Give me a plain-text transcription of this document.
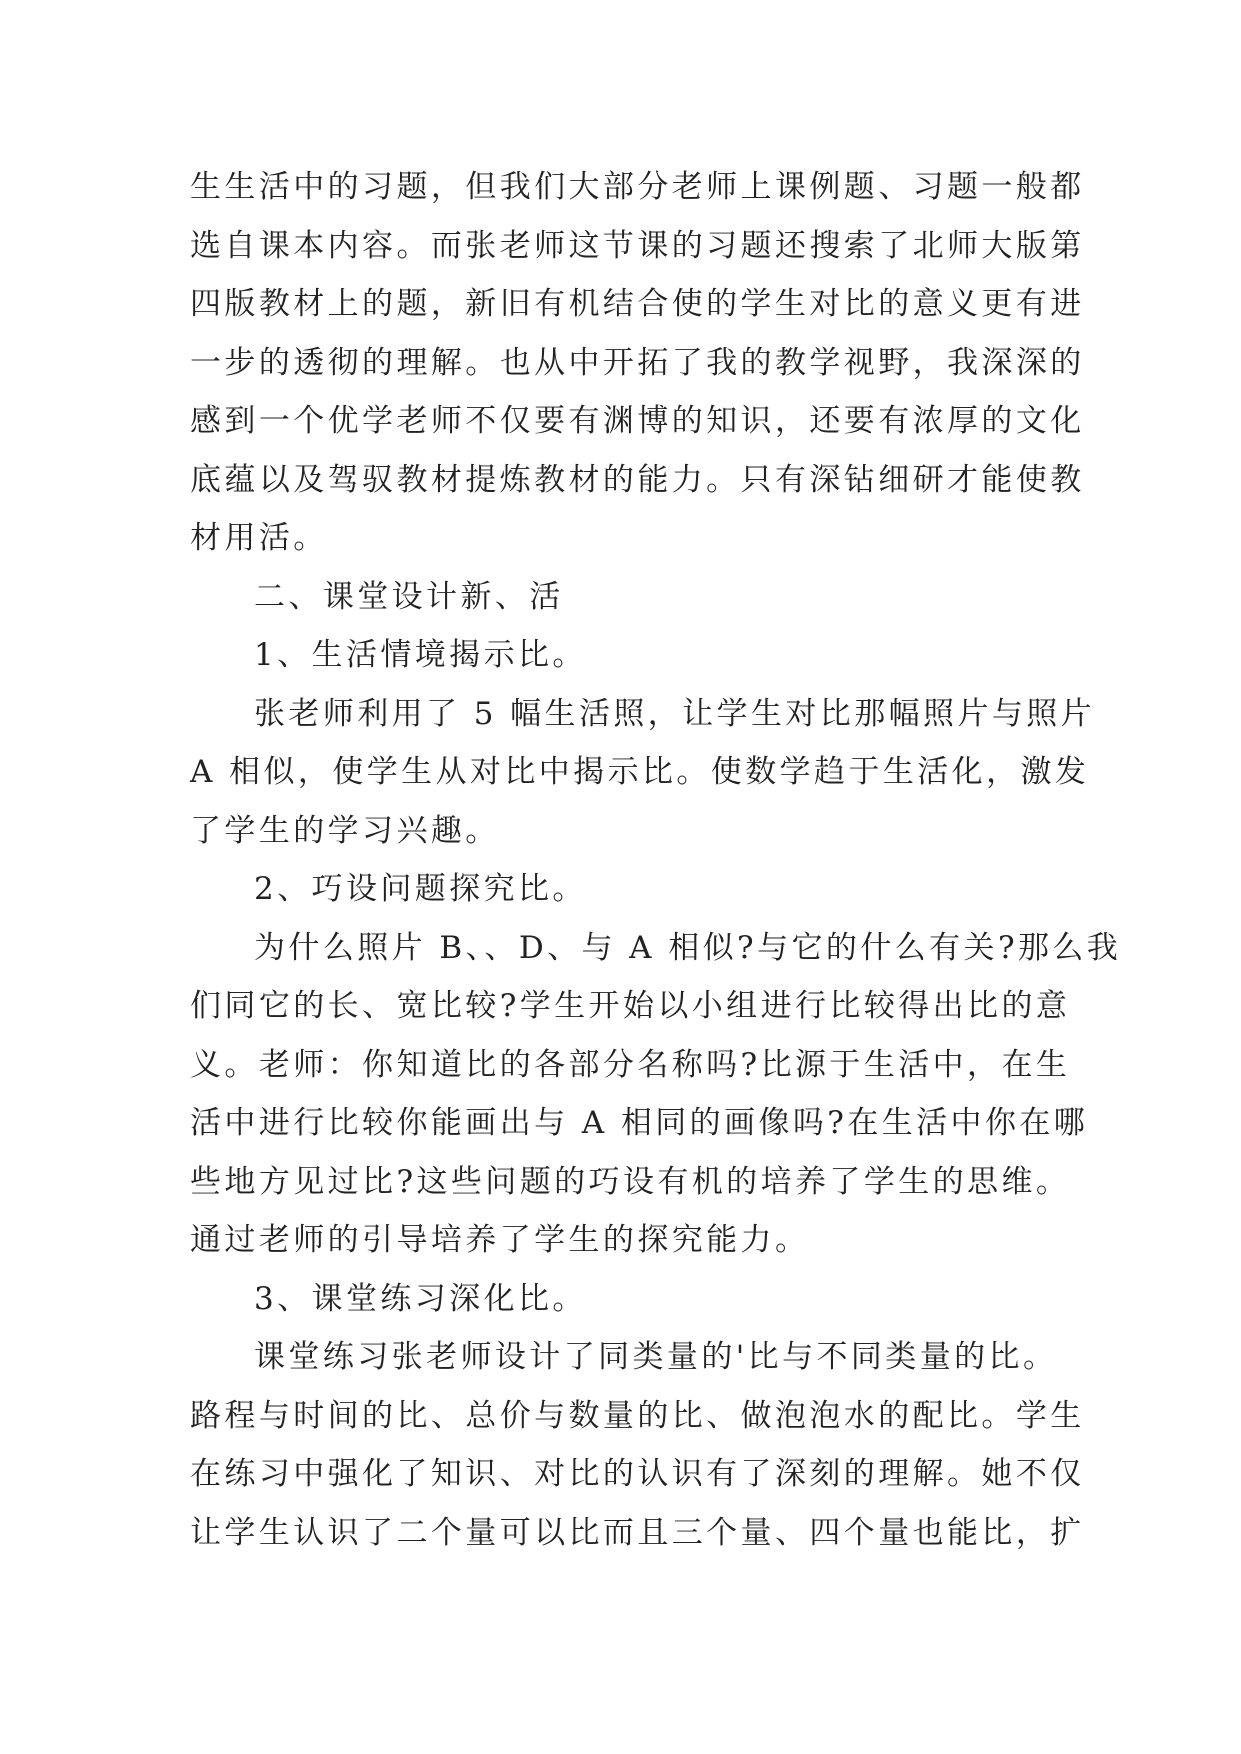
生生活中的习题，但我们大部分老师上课例题、习题一般都
选自课本内容。而张老师这节课的习题还搜索了北师大版第
四版教材上的题，新旧有机结合使的学生对比的意义更有进
一步的透彻的理解。也从中开拓了我的教学视野，我深深的
感到一个优学老师不仅要有渊博的知识，还要有浓厚的文化
底蕴以及驾驭教材提炼教材的能力。只有深钻细研才能使教
材用活。
二、课堂设计新、活
1、生活情境揭示比。
张老师利用了 5 幅生活照，让学生对比那幅照片与照片
A 相似，使学生从对比中揭示比。使数学趋于生活化，激发
了学生的学习兴趣。
2、巧设问题探究比。
为什么照片 B、、D、与 A 相似?与它的什么有关?那么我
们同它的长、宽比较?学生开始以小组进行比较得出比的意
义。老师：你知道比的各部分名称吗?比源于生活中，在生
活中进行比较你能画出与 A 相同的画像吗?在生活中你在哪
些地方见过比?这些问题的巧设有机的培养了学生的思维。
通过老师的引导培养了学生的探究能力。
3、课堂练习深化比。
课堂练习张老师设计了同类量的'比与不同类量的比。
路程与时间的比、总价与数量的比、做泡泡水的配比。学生
在练习中强化了知识、对比的认识有了深刻的理解。她不仅
让学生认识了二个量可以比而且三个量、四个量也能比，扩
